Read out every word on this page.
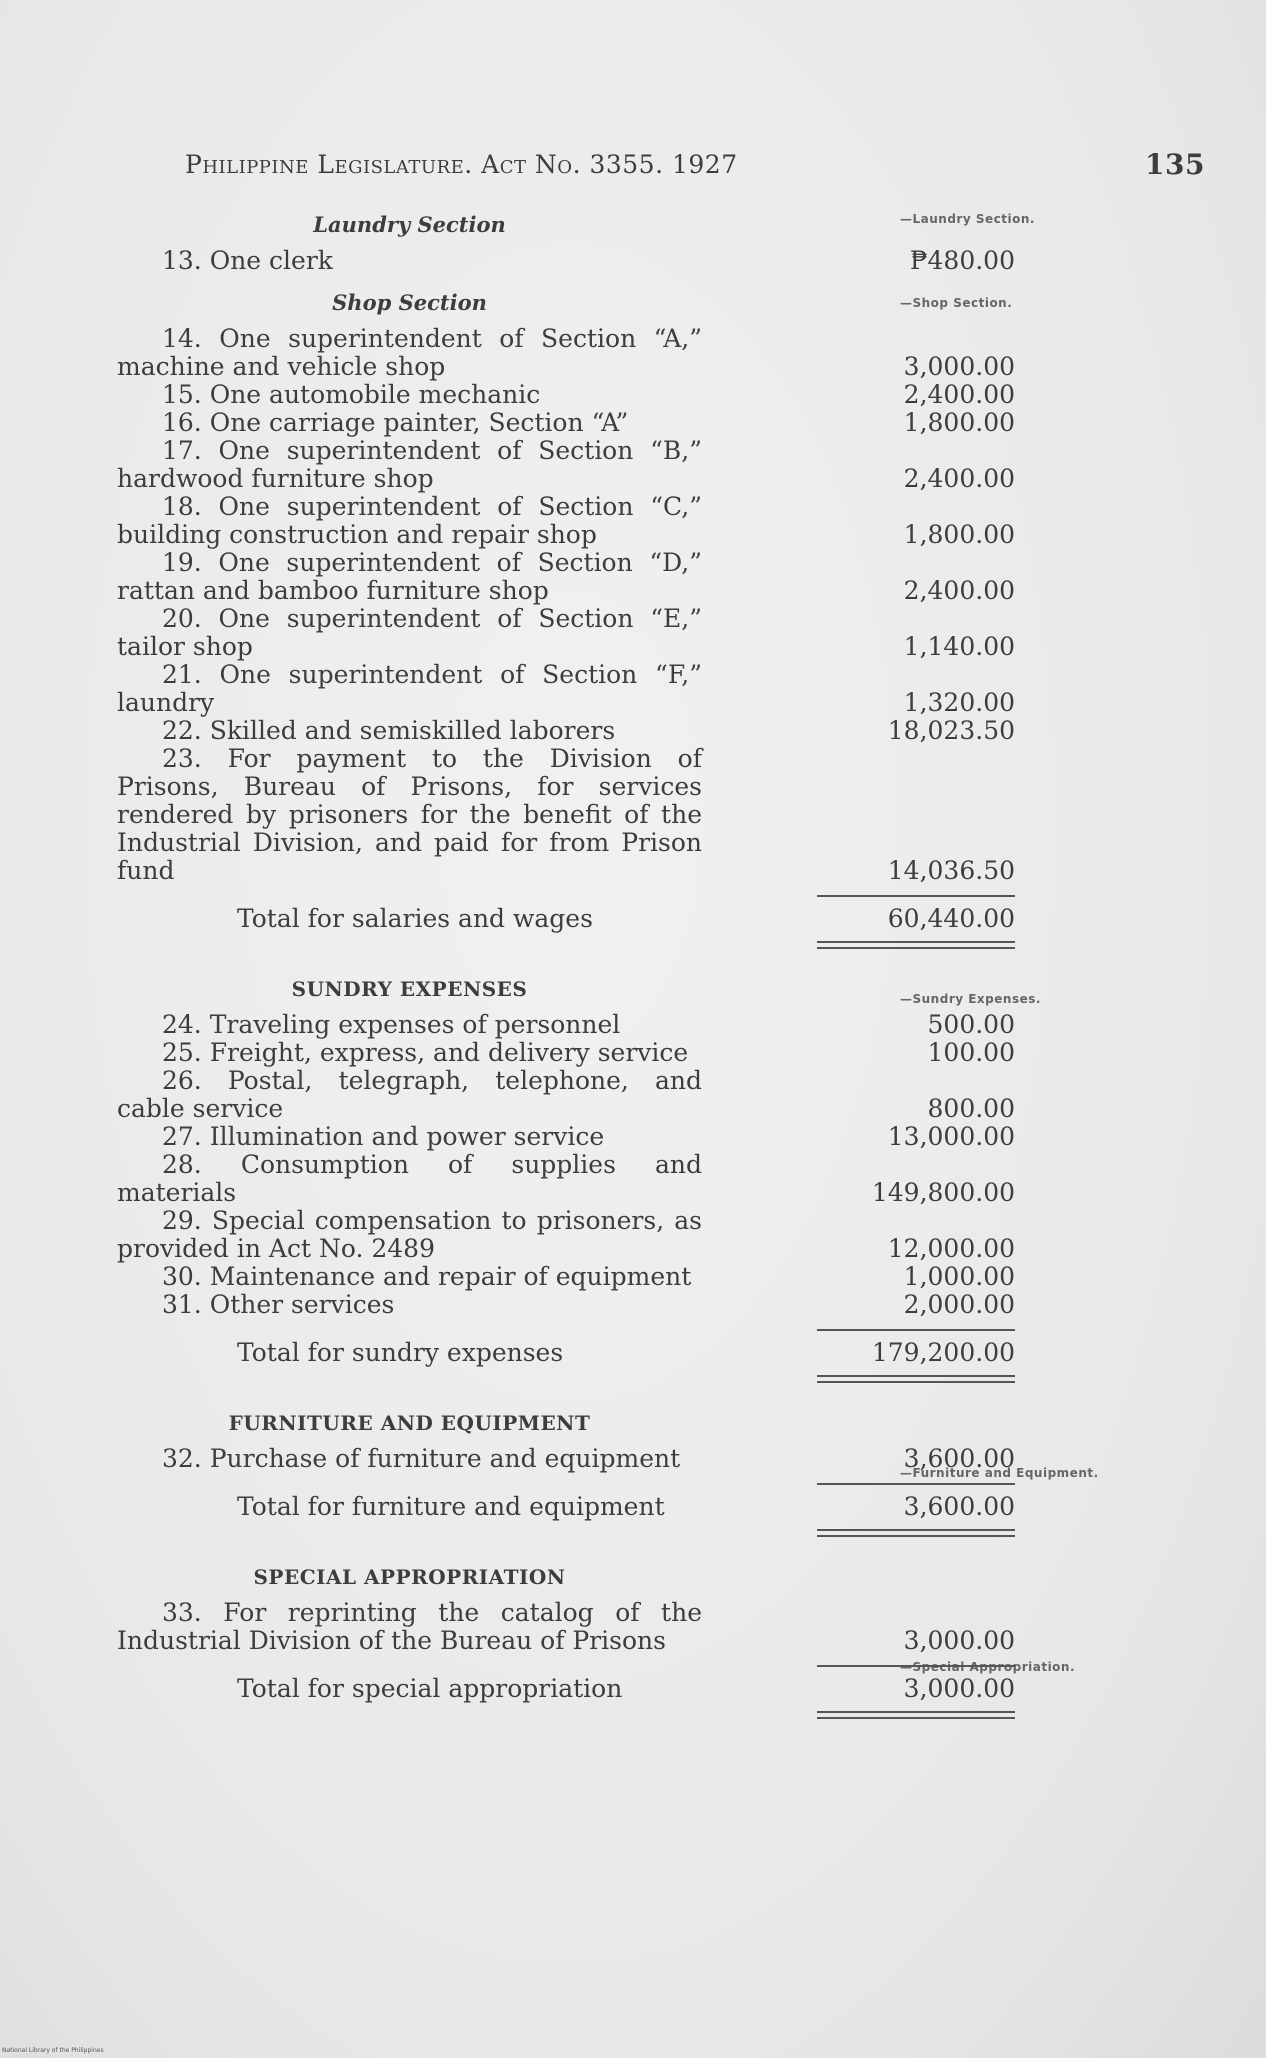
Philippine Legislature. Act No. 3355. 1927	135
—Laundry Section.
—Shop Section.
—Sundry Expenses.
—Furniture and Equipment.
—Special Appropriation.
Laundry Section
13. One clerk	₱480.00
Shop Section
14. One superintendent of Section “A,” machine and vehicle shop	3,000.00
15. One automobile mechanic	2,400.00
16. One carriage painter, Section “A”	1,800.00
17. One superintendent of Section “B,” hardwood furniture shop	2,400.00
18. One superintendent of Section “C,” building construction and repair shop	1,800.00
19. One superintendent of Section “D,” rattan and bamboo furniture shop	2,400.00
20. One superintendent of Section “E,” tailor shop	1,140.00
21. One superintendent of Section “F,” laundry	1,320.00
22. Skilled and semiskilled laborers	18,023.50
23. For payment to the Division of Prisons, Bureau of Prisons, for services rendered by prisoners for the benefit of the Industrial Division, and paid for from Prison fund	14,036.50
Total for salaries and wages	60,440.00
SUNDRY EXPENSES
24. Traveling expenses of personnel	500.00
25. Freight, express, and delivery service	100.00
26. Postal, telegraph, telephone, and cable service	800.00
27. Illumination and power service	13,000.00
28. Consumption of supplies and materials	149,800.00
29. Special compensation to prisoners, as provided in Act No. 2489	12,000.00
30. Maintenance and repair of equipment	1,000.00
31. Other services	2,000.00
Total for sundry expenses	179,200.00
FURNITURE AND EQUIPMENT
32. Purchase of furniture and equipment	3,600.00
Total for furniture and equipment	3,600.00
SPECIAL APPROPRIATION
33. For reprinting the catalog of the Industrial Division of the Bureau of Prisons	3,000.00
Total for special appropriation	3,000.00
National Library of the Philippines
